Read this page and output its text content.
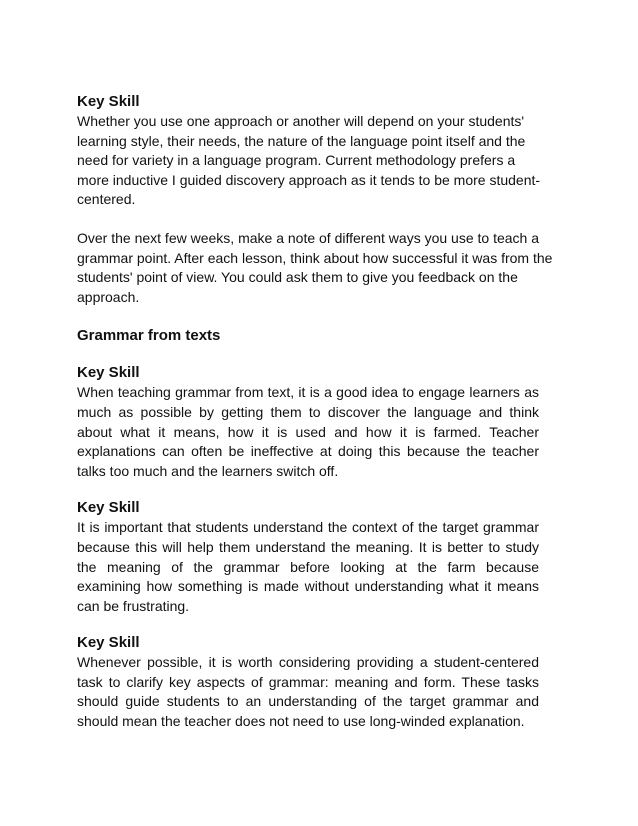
Key Skill

Whether you use one approach or another will depend on your students' learning style, their needs, the nature of the language point itself and the need for variety in a language program. Current methodology prefers a more inductive I guided discovery approach as it tends to be more student- centered.

Over the next few weeks, make a note of different ways you use to teach a grammar point. After each lesson, think about how successful it was from the students' point of view. You could ask them to give you feedback on the approach.

Grammar from texts

Key Skill

When teaching grammar from text, it is a good idea to engage learners as much as possible by getting them to discover the language and think about what it means, how it is used and how it is farmed. Teacher explanations can often be ineffective at doing this because the teacher talks too much and the learners switch off.

Key Skill

It is important that students understand the context of the target grammar because this will help them understand the meaning. It is better to study the meaning of the grammar before looking at the farm because examining how something is made without understanding what it means can be frustrating.

Key Skill

Whenever possible, it is worth considering providing a student-centered task to clarify key aspects of grammar: meaning and form. These tasks should guide students to an understanding of the target grammar and should mean the teacher does not need to use long-winded explanation.
